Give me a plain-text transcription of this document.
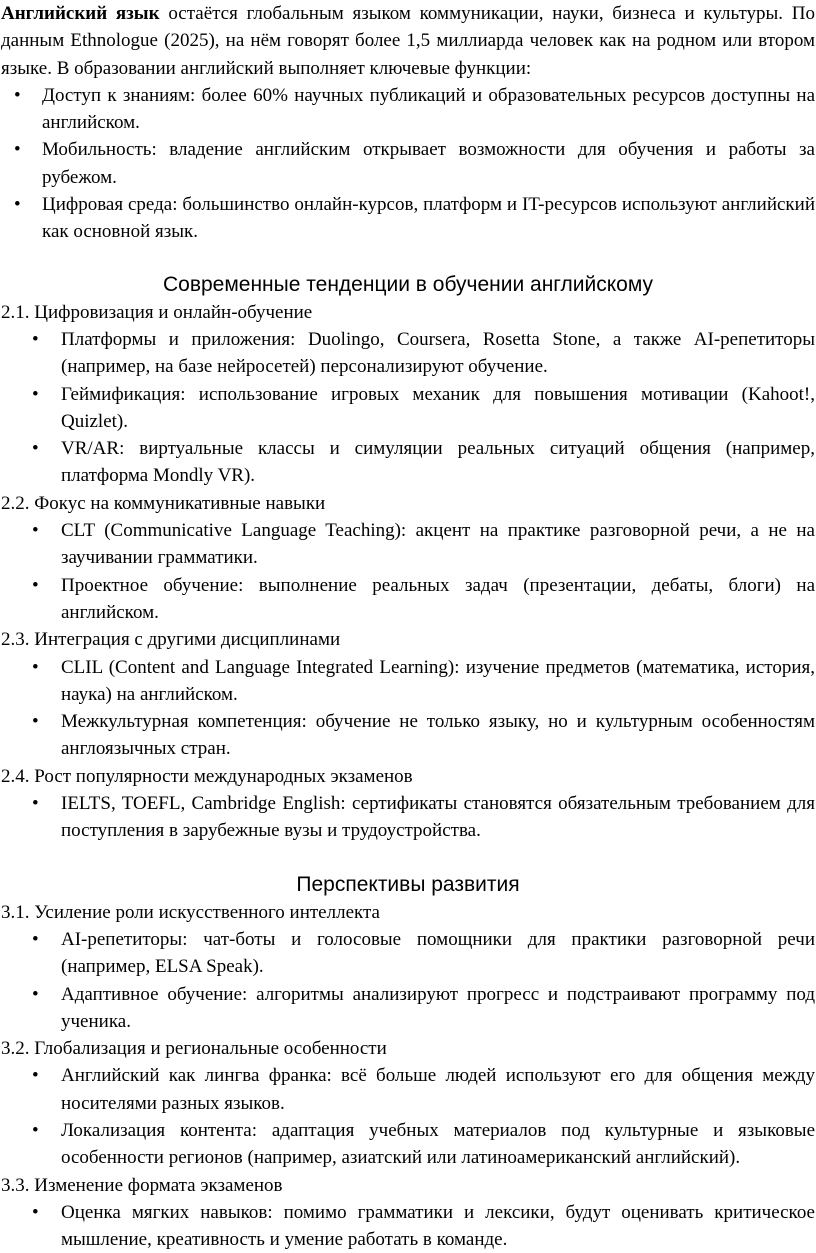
Английский язык остаётся глобальным языком коммуникации, науки, бизнеса и культуры. По данным Ethnologue (2025), на нём говорят более 1,5 миллиарда человек как на родном или втором языке. В образовании английский выполняет ключевые функции:

• Доступ к знаниям: более 60% научных публикаций и образовательных ресурсов доступны на английском.
• Мобильность: владение английским открывает возможности для обучения и работы за рубежом.
• Цифровая среда: большинство онлайн-курсов, платформ и IT-ресурсов используют английский как основной язык.
Современные тенденции в обучении английскому

2.1. Цифровизация и онлайн-обучение

• Платформы и приложения: Duolingo, Coursera, Rosetta Stone, а также AI-репетиторы (например, на базе нейросетей) персонализируют обучение.
• Геймификация: использование игровых механик для повышения мотивации (Kahoot!, Quizlet).
• VR/AR: виртуальные классы и симуляции реальных ситуаций общения (например, платформа Mondly VR).

2.2. Фокус на коммуникативные навыки

• CLT (Communicative Language Teaching): акцент на практике разговорной речи, а не на заучивании грамматики.
• Проектное обучение: выполнение реальных задач (презентации, дебаты, блоги) на английском.

2.3. Интеграция с другими дисциплинами

• CLIL (Content and Language Integrated Learning): изучение предметов (математика, история, наука) на английском.
• Межкультурная компетенция: обучение не только языку, но и культурным особенностям англоязычных стран.

2.4. Рост популярности международных экзаменов

• IELTS, TOEFL, Cambridge English: сертификаты становятся обязательным требованием для поступления в зарубежные вузы и трудоустройства.
Перспективы развития

3.1. Усиление роли искусственного интеллекта

• AI-репетиторы: чат-боты и голосовые помощники для практики разговорной речи (например, ELSA Speak).
• Адаптивное обучение: алгоритмы анализируют прогресс и подстраивают программу под ученика.

3.2. Глобализация и региональные особенности

• Английский как лингва франка: всё больше людей используют его для общения между носителями разных языков.
• Локализация контента: адаптация учебных материалов под культурные и языковые особенности регионов (например, азиатский или латиноамериканский английский).

3.3. Изменение формата экзаменов

• Оценка мягких навыков: помимо грамматики и лексики, будут оценивать критическое мышление, креативность и умение работать в команде.
